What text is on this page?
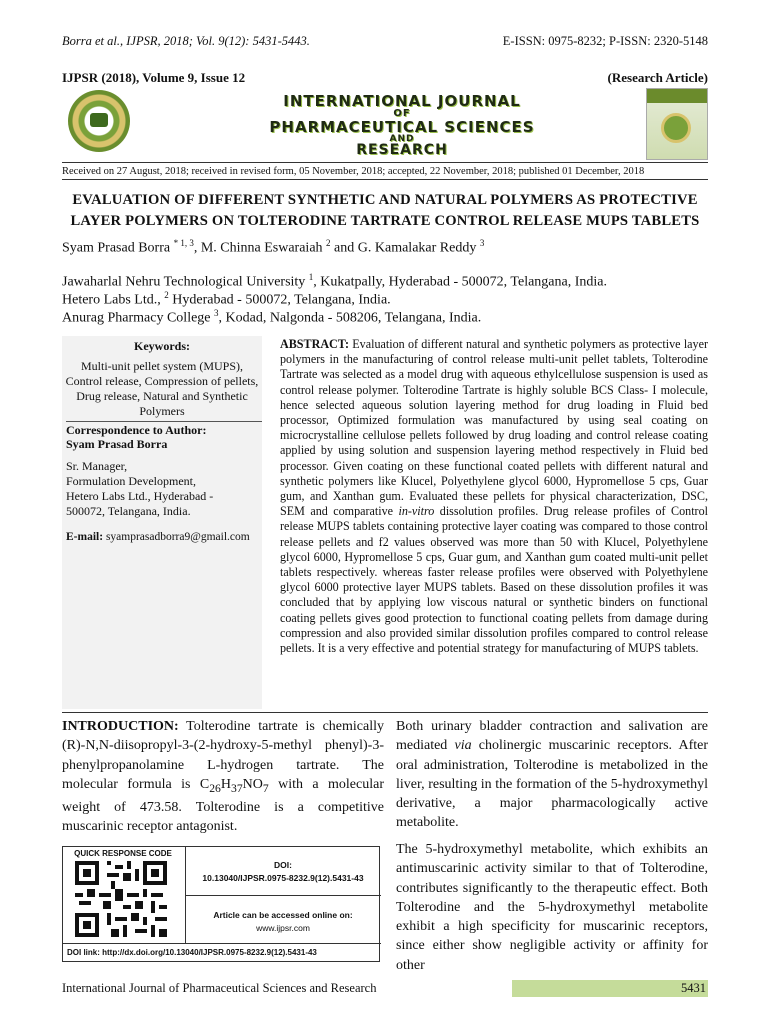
Borra et al., IJPSR, 2018; Vol. 9(12): 5431-5443.	E-ISSN: 0975-8232; P-ISSN: 2320-5148
IJPSR (2018), Volume 9, Issue 12	(Research Article)
INTERNATIONAL JOURNAL
OF
PHARMACEUTICAL SCIENCES
AND
RESEARCH
Received on 27 August, 2018; received in revised form, 05 November, 2018; accepted, 22 November, 2018; published 01 December, 2018
EVALUATION OF DIFFERENT SYNTHETIC AND NATURAL POLYMERS AS PROTECTIVE LAYER POLYMERS ON TOLTERODINE TARTRATE CONTROL RELEASE MUPS TABLETS
Syam Prasad Borra $^{* 1, 3}$, M. Chinna Eswaraiah $^2$ and G. Kamalakar Reddy $^3$
Jawaharlal Nehru Technological University $^1$, Kukatpally, Hyderabad - 500072, Telangana, India.
Hetero Labs Ltd., $^2$ Hyderabad - 500072, Telangana, India.
Anurag Pharmacy College $^3$, Kodad, Nalgonda - 508206, Telangana, India.
Keywords:
Multi-unit pellet system (MUPS), Control release, Compression of pellets, Drug release, Natural and Synthetic Polymers
Correspondence to Author:
Syam Prasad Borra
Sr. Manager,
Formulation Development,
Hetero Labs Ltd., Hyderabad -
500072, Telangana, India.
E-mail: syamprasadborra9@gmail.com
ABSTRACT: Evaluation of different natural and synthetic polymers as protective layer polymers in the manufacturing of control release multi-unit pellet tablets, Tolterodine Tartrate was selected as a model drug with aqueous ethylcellulose suspension is used as control release polymer. Tolterodine Tartrate is highly soluble BCS Class- I molecule, hence selected aqueous solution layering method for drug loading in Fluid bed processor, Optimized formulation was manufactured by using seal coating on microcrystalline cellulose pellets followed by drug loading and control release coating applied by using solution and suspension layering method respectively in Fluid bed processor. Given coating on these functional coated pellets with different natural and synthetic polymers like Klucel, Polyethylene glycol 6000, Hypromellose 5 cps, Guar gum, and Xanthan gum. Evaluated these pellets for physical characterization, DSC, SEM and comparative in-vitro dissolution profiles. Drug release profiles of Control release MUPS tablets containing protective layer coating was compared to those control release pellets and f2 values observed was more than 50 with Klucel, Polyethylene glycol 6000, Hypromellose 5 cps, Guar gum, and Xanthan gum coated multi-unit pellet tablets respectively. whereas faster release profiles were observed with Polyethylene glycol 6000 protective layer MUPS tablets. Based on these dissolution profiles it was concluded that by applying low viscous natural or synthetic binders on functional coating pellets gives good protection to functional coating pellets from damage during compression and also provided similar dissolution profiles compared to control release pellets. It is a very effective and potential strategy for manufacturing of MUPS tablets.
INTRODUCTION: Tolterodine tartrate is chemically (R)-N,N-diisopropyl-3-(2-hydroxy-5-methyl phenyl)-3- phenylpropanolamine L-hydrogen tartrate. The molecular formula is $C_{26}H_{37}NO_7$ with a molecular weight of 473.58. Tolterodine is a competitive muscarinic receptor antagonist.
Both urinary bladder contraction and salivation are mediated via cholinergic muscarinic receptors. After oral administration, Tolterodine is metabolized in the liver, resulting in the formation of the 5-hydroxymethyl derivative, a major pharmacologically active metabolite.
The 5-hydroxymethyl metabolite, which exhibits an antimuscarinic activity similar to that of Tolterodine, contributes significantly to the therapeutic effect. Both Tolterodine and the 5-hydroxymethyl metabolite exhibit a high specificity for muscarinic receptors, since either show negligible activity or affinity for other
QUICK RESPONSE CODE
DOI:
10.13040/IJPSR.0975-8232.9(12).5431-43
Article can be accessed online on:
www.ijpsr.com
DOI link: http://dx.doi.org/10.13040/IJPSR.0975-8232.9(12).5431-43
International Journal of Pharmaceutical Sciences and Research	5431
